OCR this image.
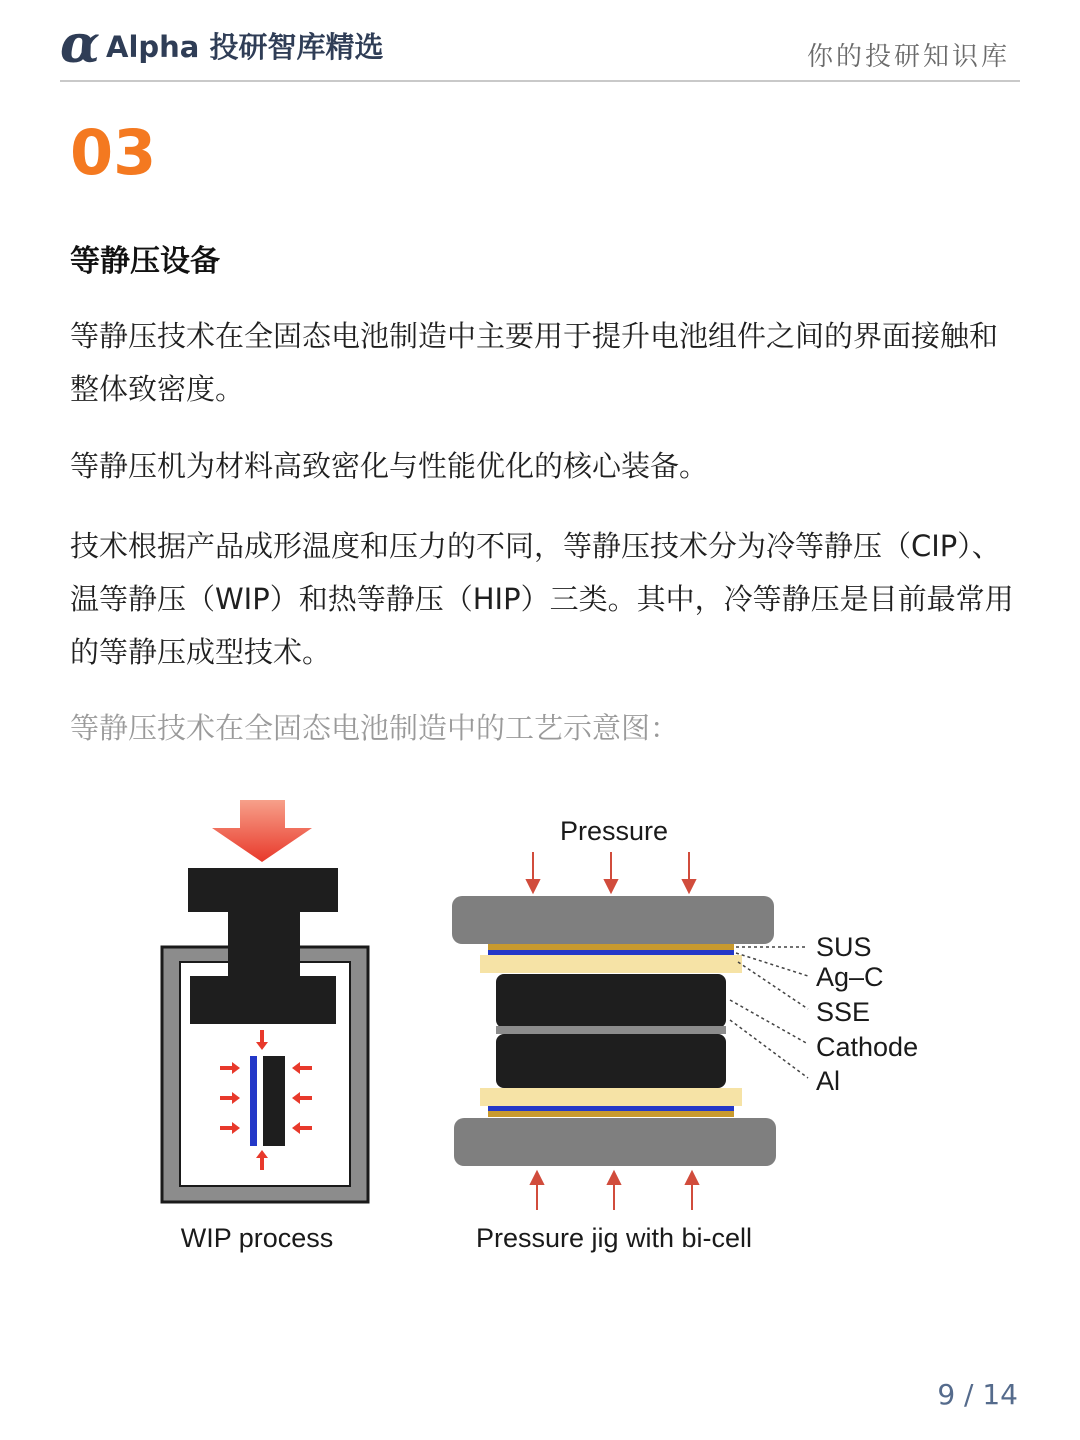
α Alpha 投研智库精选	你的投研知识库
03
等静压设备

等静压技术在全固态电池制造中主要用于提升电池组件之间的界面接触和整体致密度。

等静压机为材料高致密化与性能优化的核心装备。

技术根据产品成形温度和压力的不同，等静压技术分为冷等静压（CIP）、温等静压（WIP）和热等静压（HIP）三类。其中，冷等静压是目前最常用的等静压成型技术。

等静压技术在全固态电池制造中的工艺示意图：
WIP process
Pressure
SUS
Ag–C
SSE
Cathode
Al
Pressure jig with bi-cell
9 / 14
